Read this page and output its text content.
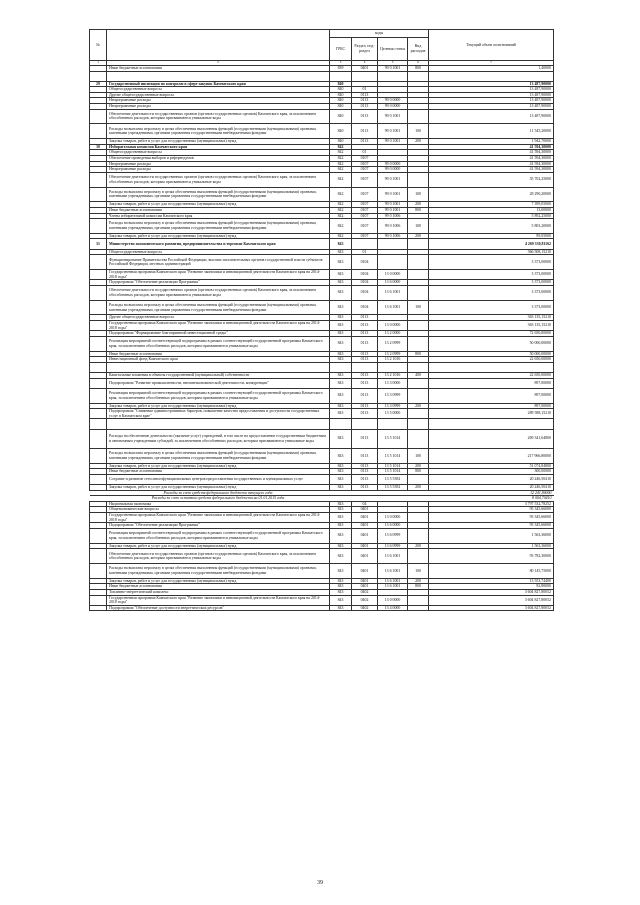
№		коды				Текущий объем ассигнований
		ГРБС	Раздел, под-раздел	Целевая статья	Вид расходов	
1	2	3	4	5	6	7
	Иные бюджетные ассигнования	839	0401	99 0 1001	800	1,40000

29	Государственный инспекция по контролю в сфере закупок Камчатского края	840				13 487,90000
	Общегосударственные вопросы	840	01			13 487,90000
	Другие общегосударственные вопросы	840	0113			13 487,90000
	Непрограммные расходы	840	0113	99 0 0000		13 487,90000
	Непрограммные расходы	840	0113	99 0 0000		13 487,90000
	Обеспечение деятельности государственных органов (органов государственных органов) Камчатского края, за исключением обособленных расходов, которым присваиваются уникальные коды	840	0113	99 0 1001		13 487,90000
	Расходы на выплаты персоналу в целях обеспечения выполнения функций (государственными (муниципальными) органами, казенными учреждениями, органами управления государственными внебюджетными фондами	840	0113	99 0 1001	100	11 545,20000
	Закупка товаров, работ и услуг для государственных (муниципальных) нужд	840	0113	99 0 1001	200	1 942,70000
30	Избирательная комиссия Камчатского края	842				41 594,30000
	Общегосударственные вопросы	842	01			41 594,30000
	Обеспечение проведения выборов и референдумов	842	0107			41 594,30000
	Непрограммные расходы	842	0107	99 0 0000		41 594,30000
	Непрограммные расходы	842	0107	99 0 0000		41 594,30000
	Обеспечение деятельности государственных органов (органов государственных органов) Камчатского края, за исключением обособленных расходов, которым присваиваются уникальные коды	842	0107	99 0 1001		35 702,25000
	Расходы на выплаты персоналу в целях обеспечения выполнения функций (государственными (муниципальными) органами, казенными учреждениями, органами управления государственными внебюджетными фондами	842	0107	99 0 1001	100	28 290,20000
	Закупка товаров, работ и услуг для государственных (муниципальных) нужд	842	0107	99 0 1001	200	7 399,05000
	Иные бюджетные ассигнования	842	0107	99 0 1001	800	13,00000
	Члены избирательной комиссии Камчатского края	842	0107	99 0 1006		5 892,25000
	Расходы на выплаты персоналу в целях обеспечения выполнения функций (государственными (муниципальными) органами, казенными учреждениями, органами управления государственными внебюджетными фондами	842	0107	99 0 1006	100	5 803,20000
	Закупка товаров, работ и услуг для государственных (муниципальных) нужд	842	0107	99 0 1006	200	89,05000
31	Министерство экономического развития, предпринимательства и торговли Камчатского края	843				4 269 330,81162
	Общегосударственные вопросы	843	01			366 508,15210
	Функционирование Правительства Российской Федерации, высших исполнительных органов государственной власти субъектов Российской Федерации, местных администраций	843	0104			3 373,00000
	Государственная программа Камчатского края "Развитие экономики и инновационной деятельности Камчатского края на 2014-2018 годы"	843	0104	13 0 0000		3 373,00000
	Подпрограмма "Обеспечение реализации Программы"	843	0104	13 6 0000		3 373,00000
	Обеспечение деятельности государственных органов (органов государственных органов) Камчатского края, за исключением обособленных расходов, которым присваиваются уникальные коды	843	0104	13 6 1001		3 373,00000
	Расходы на выплаты персоналу в целях обеспечения выполнения функций (государственными (муниципальными) органами, казенными учреждениями, органами управления государственными внебюджетными фондами	843	0104	13 6 1001	100	3 373,00000
	Другие общегосударственные вопросы	843	0113			363 135,15210
	Государственная программа Камчатского края "Развитие экономики и инновационной деятельности Камчатского края на 2014-2018 годы"	843	0113	13 0 0000		363 135,15210
	Подпрограмма "Формирование благоприятной инвестиционной среды"	843	0113	13 2 0000		72 650,00000
	Реализация мероприятий соответствующей подпрограммы в рамках соответствующей государственной программы Камчатского края, за исключением обособленных расходов, которым присваиваются уникальные коды	843	0113	13 2 0999		50 000,00000
	Иные бюджетные ассигнования	843	0113	13 2 0999	800	50 000,00000
	Инвестиционный фонд Камчатского края	843	0113	13 2 1016		22 650,00000

	Капитальные вложения в объекты государственной (муниципальной) собственности	843	0113	13 2 1016	400	22 650,00000
	Подпрограмма "Развитие промышленности, внешнеэкономической деятельности, конкуренции"	843	0113	13 3 0000		897,00000
	Реализация мероприятий соответствующей подпрограммы в рамках соответствующей государственной программы Камчатского края, за исключением обособленных расходов, которым присваиваются уникальные коды	843	0113	13 3 0999		897,00000
	Закупка товаров, работ и услуг для государственных (муниципальных) нужд	843	0113	13 3 0999	200	897,00000
	Подпрограмма "Снижение административных барьеров, повышение качества предоставления и доступности государственных услуг в Камчатском крае"	843	0113	13 5 0000		289 588,15210

	Расходы на обеспечение деятельности (оказание услуг) учреждений, в том числе на предоставление государственным бюджетным и автономным учреждениям субсидий, за исключением обособленных расходов, которым присваиваются уникальные коды	843	0113	13 5 1014		269 341,64800
	Расходы на выплаты персоналу в целях обеспечения выполнения функций (государственными (муниципальными) органами, казенными учреждениями, органами управления государственными внебюджетными фондами	843	0113	13 5 1014	100	217 966,80000
	Закупка товаров, работ и услуг для государственных (муниципальных) нужд	843	0113	13 5 1014	200	51 074,84800
	Иные бюджетные ассигнования	843	0113	13 5 1014	800	300,00000
	Создание и развитие сети многофункциональных центров предоставления государственных и муниципальных услуг	843	0113	13 5 5392		20 246,50410
	Закупка товаров, работ и услуг для государственных (муниципальных) нужд	843	0113	13 5 5392	200	20 246,50410
	Расходы за счет средств федерального бюджета текущего года					12 241,80000
	Расходы за счет остатков средств федерального бюджета на 01.01.2015 года					8 004,70410
	Национальная экономика	843	04			3 797 532,78252
	Общеэкономические вопросы	843	0401			95 345,66000
	Государственная программа Камчатского края "Развитие экономики и инновационной деятельности Камчатского края на 2014-2018 годы"	843	0401	13 0 0000		95 345,66000
	Подпрограмма "Обеспечение реализации Программы"	843	0401	13 6 0000		95 345,66000
	Реализация мероприятий соответствующей подпрограммы в рамках соответствующей государственной программы Камчатского края, за исключением обособленных расходов, которым присваиваются уникальные коды	843	0401	13 6 0999		1 563,36000
	Закупка товаров, работ и услуг для государственных (муниципальных) нужд	843	0401	13 6 0999	200	1 563,36000
	Обеспечение деятельности государственных органов (органов государственных органов) Камчатского края, за исключением обособленных расходов, которым присваиваются уникальные коды	843	0401	13 6 1001		93 782,30000
	Расходы на выплаты персоналу в целях обеспечения выполнения функций (государственными (муниципальными) органами, казенными учреждениями, органами управления государственными внебюджетными фондами	843	0401	13 6 1001	100	80 145,75000
	Закупка товаров, работ и услуг для государственных (муниципальных) нужд	843	0401	13 6 1001	200	13 553,74400
	Иные бюджетные ассигнования	843	0401	13 6 1001	800	82,80000
	Топливно-энергетический комплекс	843	0402			3 604 827,80052
	Государственная программа Камчатского края "Развитие экономики и инновационной деятельности Камчатского края на 2014-2018 годы"	843	0402	13 0 0000		3 604 827,80052
	Подпрограмма "Обеспечение доступности энергетических ресурсов"	843	0402	13 4 0000		3 604 827,80052
39
